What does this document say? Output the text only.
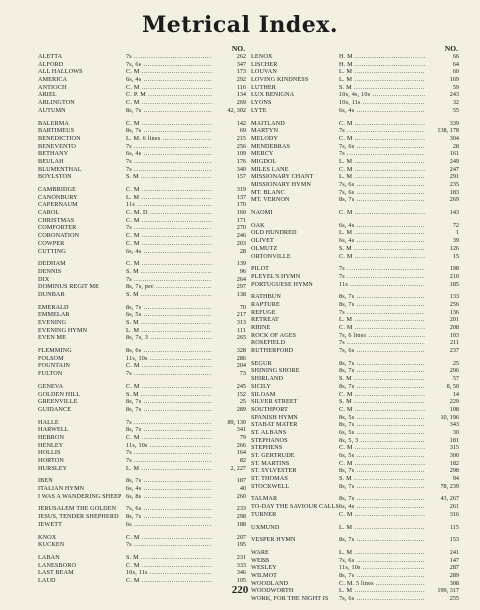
Metrical Index.
NO.
ALETTA	7s .....	262
ALFORD	7s, 6s .....	347
ALL HALLOWS	C. M .....	173
AMERICA	6s, 4s .....	292
ANTIOCH	C. M .....	116
ARIEL	C. P. M .....	134
ARLINGTON	C. M .....	269
AUTUMN	8s, 7s .....	42, 302
BALERMA	C. M .....	142
BARTIMEUS	8s, 7s .....	69
BENEDICTION	L. M. 6 lines .....	215
BENEVENTO	7s .....	256
BETHANY	6s, 4s .....	109
BEULAH	7s .....	176
BLUMENTHAL	7s .....	340
BOYLSTON	S. M .....	157
CAMBRIDGE	C. M .....	319
CANONBURY	L. M .....	137
CAPERNAUM	11s .....	170
CAROL	C. M. D .....	160
CHRISTMAS	C. M .....	171
COMFORTER	7s .....	270
CORONATION	C. M .....	246
COWPER	C. M .....	203
CUTTING	6s, 4s .....	28
DEDHAM	C. M .....	139
DENNIS	S. M .....	96
DIX	7s .....	264
DOMINUS REGIT ME	8s, 7s, pec .....	297
DUNBAR	S. M .....	138
EMERALD	8s, 7s .....	70
EMMELAR	6s, 5s .....	217
EVENING	S. M .....	313
EVENING HYMN	L. M .....	111
EVEN ME	8s, 7s, 3 .....	265
FLEMMING	8s, 6s .....	328
FOLSOM	11s, 10s .....	286
FOUNTAIN	C. M .....	204
FULTON	7s .....	73
GENEVA	C. M .....	245
GOLDEN HILL	S. M .....	152
GREENVILLE	8s, 7s .....	25
GUIDANCE	8s, 7s .....	289
HALLE	7s .....	89, 130
HARWELL	8s, 7s .....	341
HEBRON	C. M .....	79
HENLEY	11s, 10s .....	266
HOLLIS	7s .....	164
HORTON	7s .....	82
HURSLEY	L. M .....	2, 227
IBEN	8s, 7s .....	187
ITALIAN HYMN	6s, 4s .....	40
I WAS A WANDERING SHEEP 6s, 8s .....	260
JERUSALEM THE GOLDEN	7s, 6s .....	233
JESUS, TENDER SHEPHERD	8s, 7s .....	298
JEWETT	6s .....	188
KNOX	C. M .....	207
KUCKEN	7s .....	195
LABAN	S. M .....	231
LANESBORO	C. M .....	333
LAST BEAM	10s, 11s .....	346
LAUD	C. M .....	105
NO.
LENOX	H. M .....	66
LISCHER	H. M .....	64
LOUVAN	L. M .....	60
LOVING KINDNESS	L. M .....	169
LUTHER	S. M .....	59
LUX BENIGNA	10s, 4s, 10s .....	243
LYONS	10s, 11s .....	32
LYTE	6s, 4s .....	55
MAITLAND	C. M .....	339
MARTYN	7s .....	138, 178
MELODY	C. M .....	304
MENDEBRAS	7s, 6s .....	28
MERCY	7s .....	161
MIGDOL	L. M .....	249
MILES LANE	C. M .....	247
MISSIONARY CHANT	L. M .....	291
MISSIONARY HYMN	7s, 6s .....	235
MT. BLANC	7s, 6s .....	183
MT. VERNON	8s, 7s .....	269
NAOMI	C. M .....	143
OAK	6s, 4s .....	72
OLD HUNDRED	L. M .....	1
OLIVET	6s, 4s .....	39
OLMUTZ	S. M .....	126
ORTONVILLE	C. M .....	15
PILOT	7s .....	198
PLEYEL'S HYMN	7s .....	210
PORTUGUESE HYMN	11s .....	185
RATHBUN	8s, 7s .....	133
RAPTURE	8s, 7s .....	256
REFUGE	7s .....	136
RETREAT	L. M .....	201
RHINE	C. M .....	208
ROCK OF AGES	7s, 6 lines .....	103
ROSEFIELD	7s .....	211
RUTHERFORD	7s, 6s .....	237
SEGUR	8s, 7s .....	25
SHINING SHORE	8s, 7s .....	296
SHIRLAND	S. M .....	57
SICILY	8s, 7s .....	8, 50
SILOAM	C. M .....	14
SILVER STREET	S. M .....	229
SOUTHPORT	C. M .....	108
SPANISH HYMN	8s, 5s .....	10, 196
STABAT MATER	8s, 7s .....	343
ST. ALBANS	6s, 5s .....	30
STEPHANOS	8s, 5, 3 .....	181
STEPHENS	C. M .....	315
ST. GERTRUDE	6s, 5s .....	300
ST. MARTINS	C. M .....	182
ST. SYLVESTER	8s, 7s .....	298
ST. THOMAS	S. M .....	94
STOCKWELL	8s, 7s .....	78, 239
TALMAR	8s, 7s .....	43, 267
TO-DAY THE SAVIOUR CALLS 6s, 4s .....	261
TURNER	C. M .....	316
UXMUND	L. M .....	115
VESPER HYMN	8s, 7s .....	153
WARE	L. M .....	241
WEBB	7s, 6s .....	147
WESLEY	11s, 10s .....	287
WILMOT	8s, 7s .....	289
WOODLAND	C. M. 5 lines .....	308
WOODWORTH	L. M .....	199, 317
WORK, FOR THE NIGHT IS	7s, 6s .....	255
220
